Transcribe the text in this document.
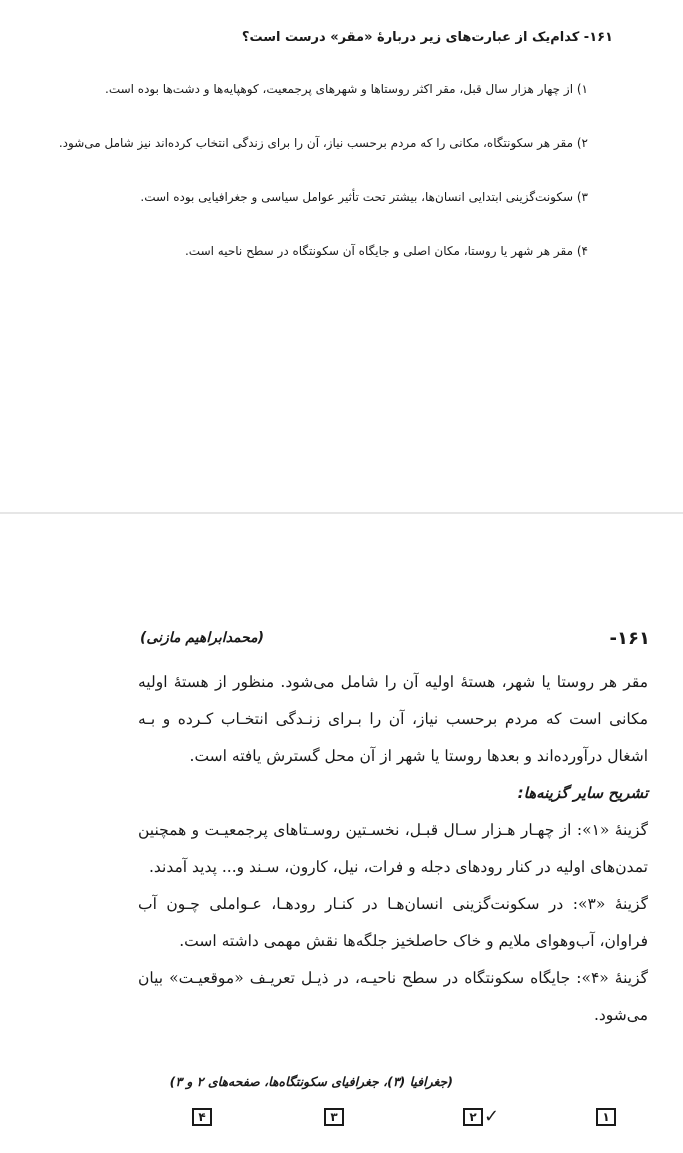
۱۶۱- کدام‌یک از عبارت‌های زیر دربارهٔ «مقر» درست است؟
۱) از چهار هزار سال قبل، مقر اکثر روستاها و شهرهای پرجمعیت، کوهپایه‌ها و دشت‌ها بوده است.
۲) مقر هر سکونتگاه، مکانی را که مردم برحسب نیاز، آن را برای زندگی انتخاب کرده‌اند نیز شامل می‌شود.
۳) سکونت‌گزینی ابتدایی انسان‌ها، بیشتر تحت تأثیر عوامل سیاسی و جغرافیایی بوده است.
۴) مقر هر شهر یا روستا، مکان اصلی و جایگاه آن سکونتگاه در سطح ناحیه است.
۱۶۱-
(محمدابراهیم مازنی)

مقر هر روستا یا شهر، هستهٔ اولیه آن را شامل می‌شود. منظور از هستهٔ اولیه مکانی است که مردم برحسب نیاز، آن را بـرای زنـدگی انتخـاب کـرده و بـه اشغال درآورده‌اند و بعدها روستا یا شهر از آن محل گسترش یافته است.

تشریح سایر گزینه‌ها:

گزینهٔ «۱»: از چهـار هـزار سـال قبـل، نخسـتین روسـتاهای پرجمعیـت و همچنین تمدن‌های اولیه در کنار رودهای دجله و فرات، نیل، کارون، سـند و... پدید آمدند.

گزینهٔ «۳»: در سکونت‌گزینی انسان‌هـا در کنـار رودهـا، عـواملی چـون آب فراوان، آب‌وهوای ملایم و خاک حاصلخیز جلگه‌ها نقش مهمی داشته است.

گزینهٔ «۴»: جایگاه سکونتگاه در سطح ناحیـه، در ذیـل تعریـف «موقعیـت» بیان می‌شود.

(جغرافیا (۳)، جغرافیای سکونتگاه‌ها، صفحه‌های ۲ و ۳)
۱
۲ ✓
۳
۴
